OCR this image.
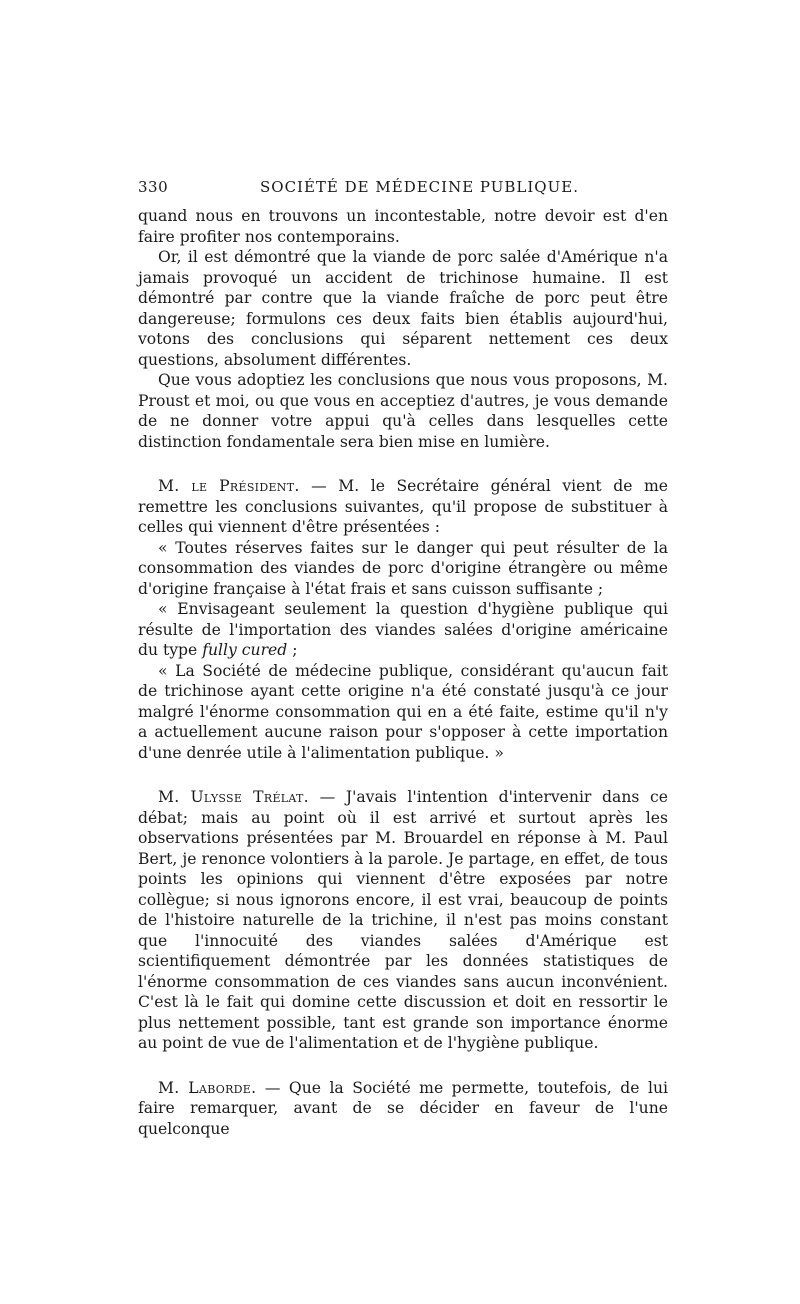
330	SOCIÉTÉ DE MÉDECINE PUBLIQUE.

quand nous en trouvons un incontestable, notre devoir est d'en faire profiter nos contemporains.

Or, il est démontré que la viande de porc salée d'Amérique n'a jamais provoqué un accident de trichinose humaine. Il est démontré par contre que la viande fraîche de porc peut être dangereuse; formulons ces deux faits bien établis aujourd'hui, votons des conclusions qui séparent nettement ces deux questions, absolument différentes.

Que vous adoptiez les conclusions que nous vous proposons, M. Proust et moi, ou que vous en acceptiez d'autres, je vous demande de ne donner votre appui qu'à celles dans lesquelles cette distinction fondamentale sera bien mise en lumière.

M. le Président. — M. le Secrétaire général vient de me remettre les conclusions suivantes, qu'il propose de substituer à celles qui viennent d'être présentées :

« Toutes réserves faites sur le danger qui peut résulter de la consommation des viandes de porc d'origine étrangère ou même d'origine française à l'état frais et sans cuisson suffisante ;

« Envisageant seulement la question d'hygiène publique qui résulte de l'importation des viandes salées d'origine américaine du type fully cured ;

« La Société de médecine publique, considérant qu'aucun fait de trichinose ayant cette origine n'a été constaté jusqu'à ce jour malgré l'énorme consommation qui en a été faite, estime qu'il n'y a actuellement aucune raison pour s'opposer à cette importation d'une denrée utile à l'alimentation publique. »

M. Ulysse Trélat. — J'avais l'intention d'intervenir dans ce débat; mais au point où il est arrivé et surtout après les observations présentées par M. Brouardel en réponse à M. Paul Bert, je renonce volontiers à la parole. Je partage, en effet, de tous points les opinions qui viennent d'être exposées par notre collègue; si nous ignorons encore, il est vrai, beaucoup de points de l'histoire naturelle de la trichine, il n'est pas moins constant que l'innocuité des viandes salées d'Amérique est scientifiquement démontrée par les données statistiques de l'énorme consommation de ces viandes sans aucun inconvénient. C'est là le fait qui domine cette discussion et doit en ressortir le plus nettement possible, tant est grande son importance énorme au point de vue de l'alimentation et de l'hygiène publique.

M. Laborde. — Que la Société me permette, toutefois, de lui faire remarquer, avant de se décider en faveur de l'une quelconque
